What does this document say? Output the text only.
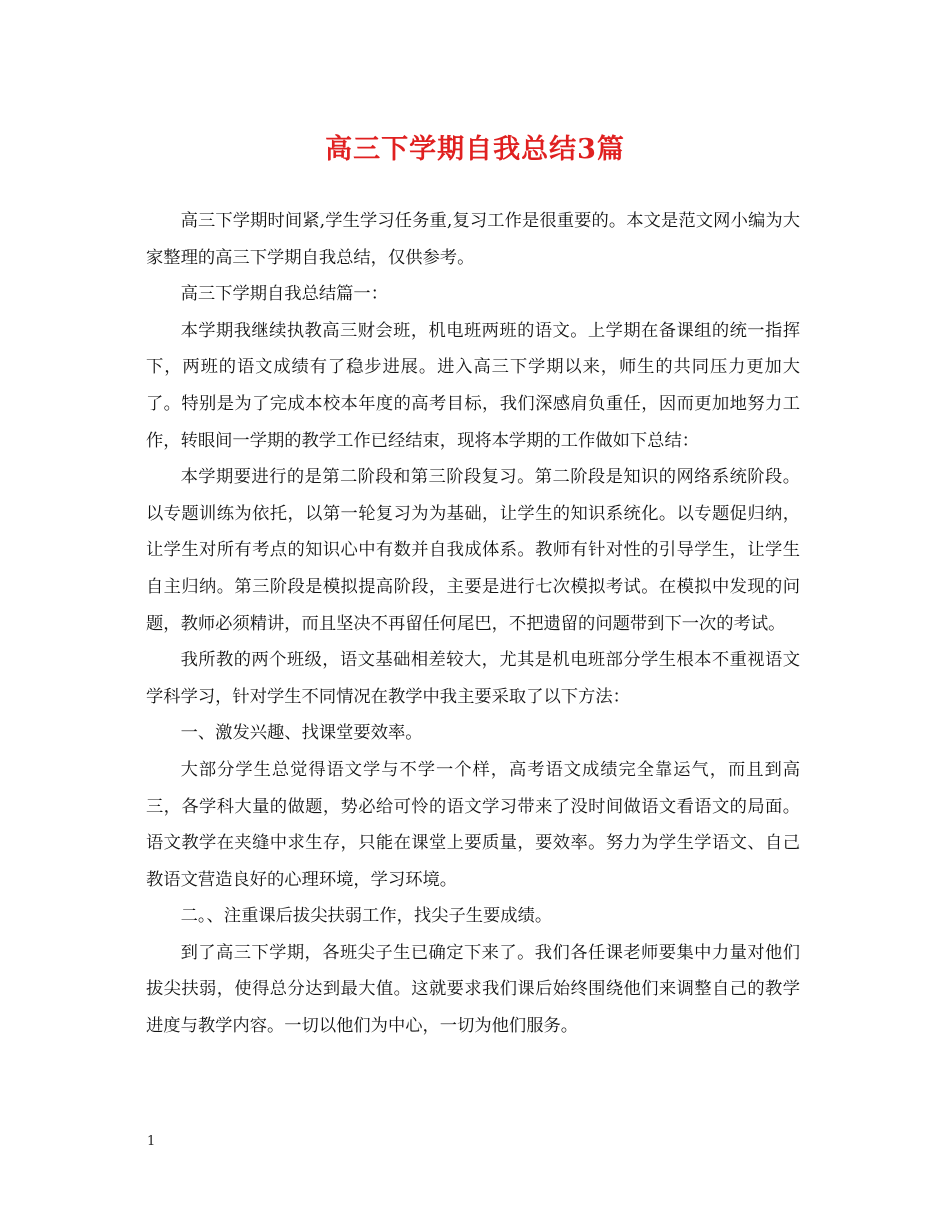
高三下学期自我总结3篇

高三下学期时间紧,学生学习任务重,复习工作是很重要的。本文是范文网小编为大家整理的高三下学期自我总结，仅供参考。

高三下学期自我总结篇一：

本学期我继续执教高三财会班，机电班两班的语文。上学期在备课组的统一指挥下，两班的语文成绩有了稳步进展。进入高三下学期以来，师生的共同压力更加大了。特别是为了完成本校本年度的高考目标，我们深感肩负重任，因而更加地努力工作，转眼间一学期的教学工作已经结束，现将本学期的工作做如下总结：

本学期要进行的是第二阶段和第三阶段复习。第二阶段是知识的网络系统阶段。以专题训练为依托，以第一轮复习为为基础，让学生的知识系统化。以专题促归纳，让学生对所有考点的知识心中有数并自我成体系。教师有针对性的引导学生，让学生自主归纳。第三阶段是模拟提高阶段，主要是进行七次模拟考试。在模拟中发现的问题，教师必须精讲，而且坚决不再留任何尾巴，不把遗留的问题带到下一次的考试。

我所教的两个班级，语文基础相差较大，尤其是机电班部分学生根本不重视语文学科学习，针对学生不同情况在教学中我主要采取了以下方法：

一、激发兴趣、找课堂要效率。

大部分学生总觉得语文学与不学一个样，高考语文成绩完全靠运气，而且到高三，各学科大量的做题，势必给可怜的语文学习带来了没时间做语文看语文的局面。语文教学在夹缝中求生存，只能在课堂上要质量，要效率。努力为学生学语文、自己教语文营造良好的心理环境，学习环境。

二。、注重课后拔尖扶弱工作，找尖子生要成绩。

到了高三下学期，各班尖子生已确定下来了。我们各任课老师要集中力量对他们拔尖扶弱，使得总分达到最大值。这就要求我们课后始终围绕他们来调整自己的教学进度与教学内容。一切以他们为中心，一切为他们服务。

1
